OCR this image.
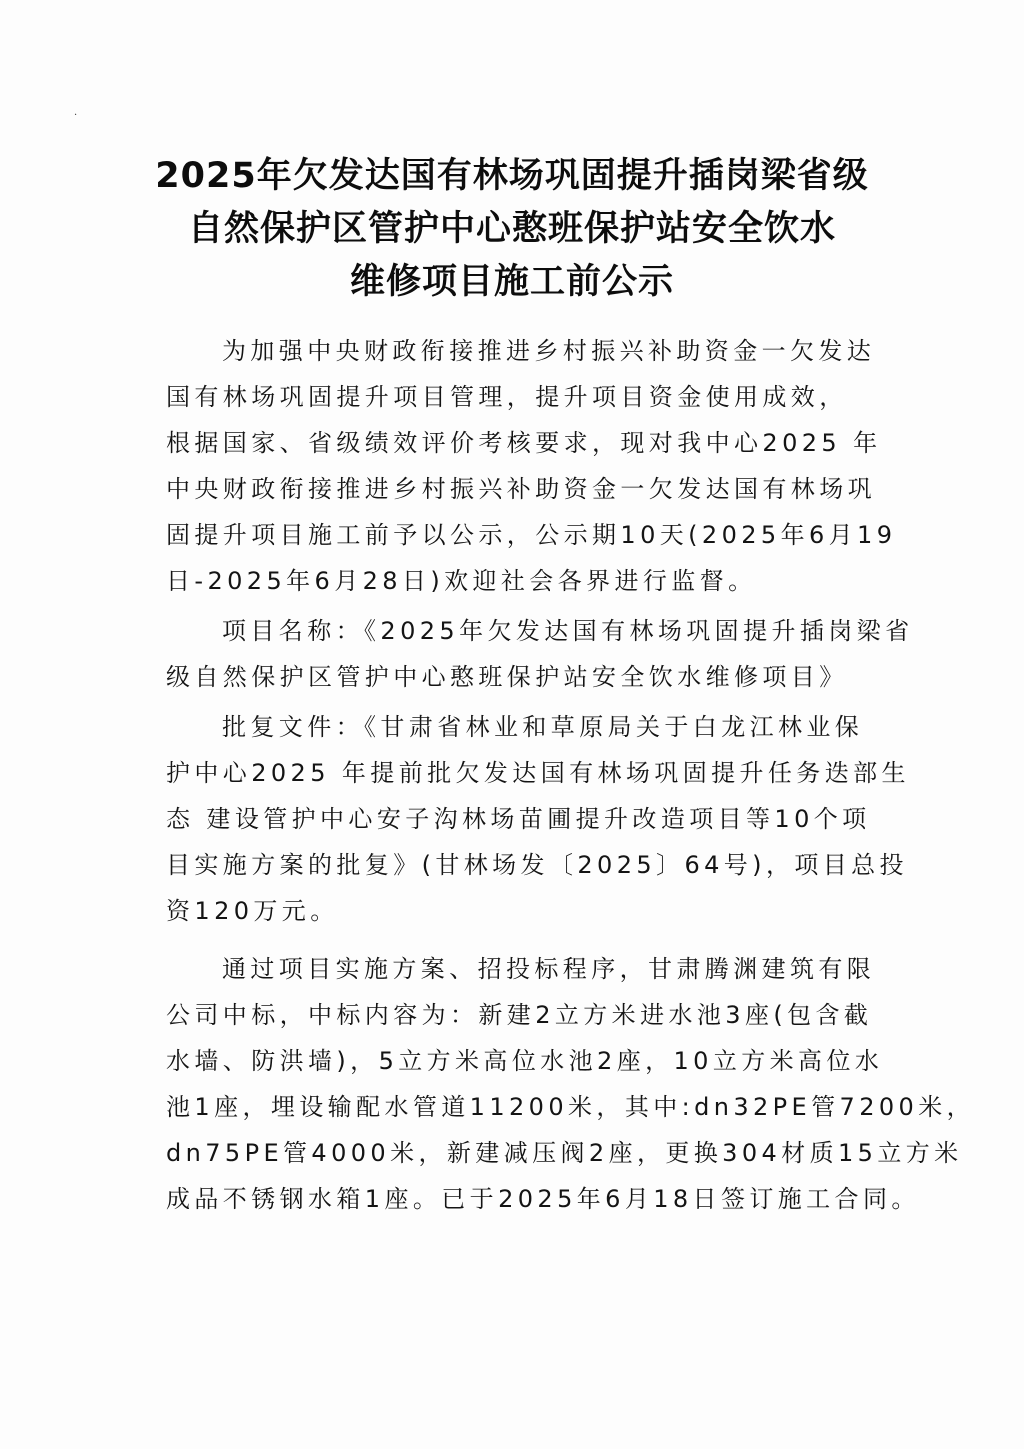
·
2025年欠发达国有林场巩固提升插岗梁省级
自然保护区管护中心憨班保护站安全饮水
维修项目施工前公示
为加强中央财政衔接推进乡村振兴补助资金一欠发达
国有林场巩固提升项目管理，提升项目资金使用成效，
根据国家、省级绩效评价考核要求，现对我中心2025 年
中央财政衔接推进乡村振兴补助资金一欠发达国有林场巩
固提升项目施工前予以公示，公示期10天(2025年6月19
日-2025年6月28日)欢迎社会各界进行监督。
项目名称：《2025年欠发达国有林场巩固提升插岗梁省
级自然保护区管护中心憨班保护站安全饮水维修项目》
批复文件：《甘肃省林业和草原局关于白龙江林业保
护中心2025 年提前批欠发达国有林场巩固提升任务迭部生
态 建设管护中心安子沟林场苗圃提升改造项目等10个项
目实施方案的批复》(甘林场发〔2025〕64号)，项目总投
资120万元。
通过项目实施方案、招投标程序，甘肃腾渊建筑有限
公司中标，中标内容为：新建2立方米进水池3座(包含截
水墙、防洪墙)，5立方米高位水池2座，10立方米高位水
池1座，埋设输配水管道11200米，其中:dn32PE管7200米，
dn75PE管4000米，新建减压阀2座，更换304材质15立方米
成品不锈钢水箱1座。已于2025年6月18日签订施工合同。
